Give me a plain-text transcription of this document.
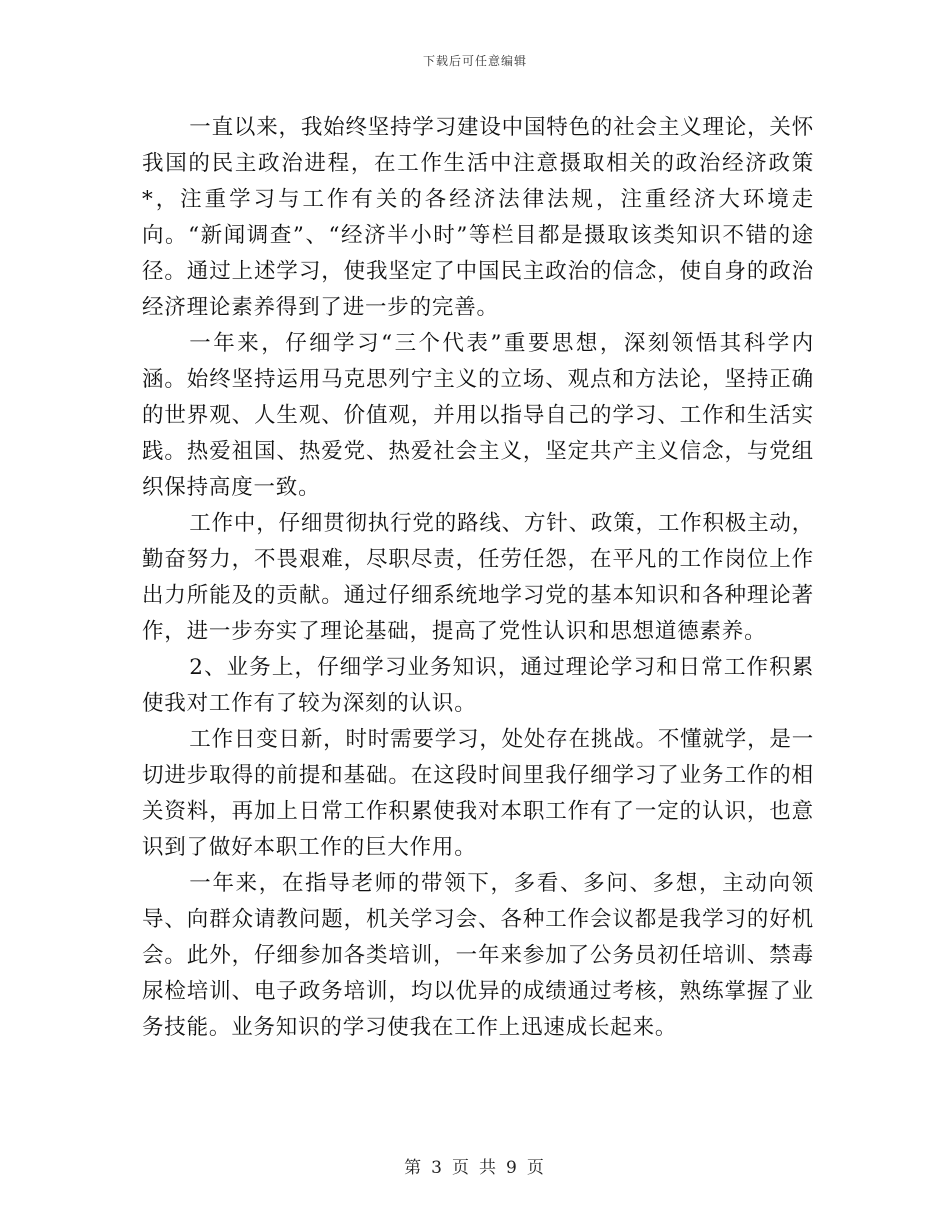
下载后可任意编辑

一直以来，我始终坚持学习建设中国特色的社会主义理论，关怀我国的民主政治进程，在工作生活中注意摄取相关的政治经济政策*，注重学习与工作有关的各经济法律法规，注重经济大环境走向。“新闻调查”、“经济半小时”等栏目都是摄取该类知识不错的途径。通过上述学习，使我坚定了中国民主政治的信念，使自身的政治经济理论素养得到了进一步的完善。

一年来，仔细学习“三个代表”重要思想，深刻领悟其科学内涵。始终坚持运用马克思列宁主义的立场、观点和方法论，坚持正确的世界观、人生观、价值观，并用以指导自己的学习、工作和生活实践。热爱祖国、热爱党、热爱社会主义，坚定共产主义信念，与党组织保持高度一致。

工作中，仔细贯彻执行党的路线、方针、政策，工作积极主动，勤奋努力，不畏艰难，尽职尽责，任劳任怨，在平凡的工作岗位上作出力所能及的贡献。通过仔细系统地学习党的基本知识和各种理论著作，进一步夯实了理论基础，提高了党性认识和思想道德素养。

2、业务上，仔细学习业务知识，通过理论学习和日常工作积累使我对工作有了较为深刻的认识。

工作日变日新，时时需要学习，处处存在挑战。不懂就学，是一切进步取得的前提和基础。在这段时间里我仔细学习了业务工作的相关资料，再加上日常工作积累使我对本职工作有了一定的认识，也意识到了做好本职工作的巨大作用。

一年来，在指导老师的带领下，多看、多问、多想，主动向领导、向群众请教问题，机关学习会、各种工作会议都是我学习的好机会。此外，仔细参加各类培训，一年来参加了公务员初任培训、禁毒尿检培训、电子政务培训，均以优异的成绩通过考核，熟练掌握了业务技能。业务知识的学习使我在工作上迅速成长起来。

第 3 页 共 9 页
